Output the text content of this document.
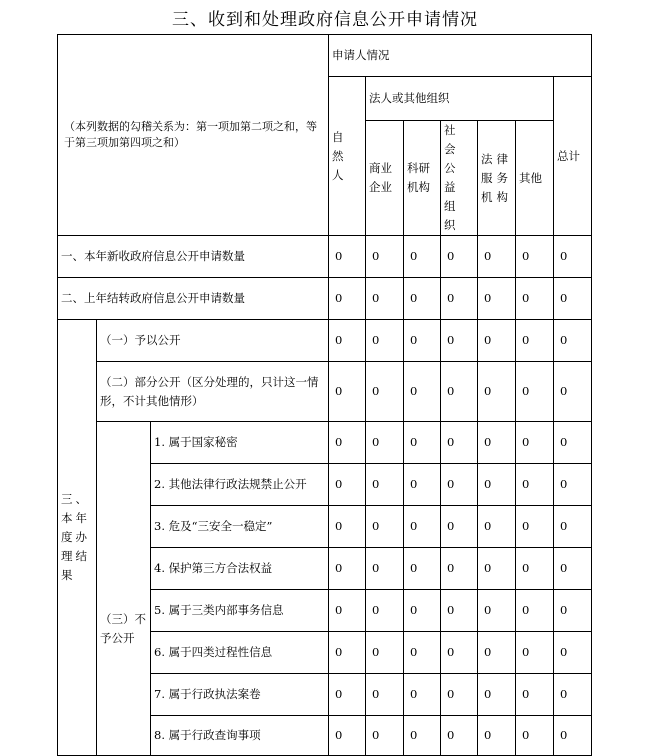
三、收到和处理政府信息公开申请情况
（本列数据的勾稽关系为：第一项加第二项之和，等于第三项加第四项之和）			申请人情况						
			自然人	法人或其他组织					总计
				商业企业	科研机构	社会公益组织	法律服务机构	其他	

一、本年新收政府信息公开申请数量			0	0	0	0	0	0	0
二、上年结转政府信息公开申请数量			0	0	0	0	0	0	0
三、本年度办理结果	（一）予以公开		0	0	0	0	0	0	0
	（二）部分公开（区分处理的，只计这一情形，不计其他情形）		0	0	0	0	0	0	0
	（三）不予公开	1. 属于国家秘密	0	0	0	0	0	0	0
		2. 其他法律行政法规禁止公开	0	0	0	0	0	0	0
		3. 危及“三安全一稳定”	0	0	0	0	0	0	0
		4. 保护第三方合法权益	0	0	0	0	0	0	0
		5. 属于三类内部事务信息	0	0	0	0	0	0	0
		6. 属于四类过程性信息	0	0	0	0	0	0	0
		7. 属于行政执法案卷	0	0	0	0	0	0	0
		8. 属于行政查询事项	0	0	0	0	0	0	0
